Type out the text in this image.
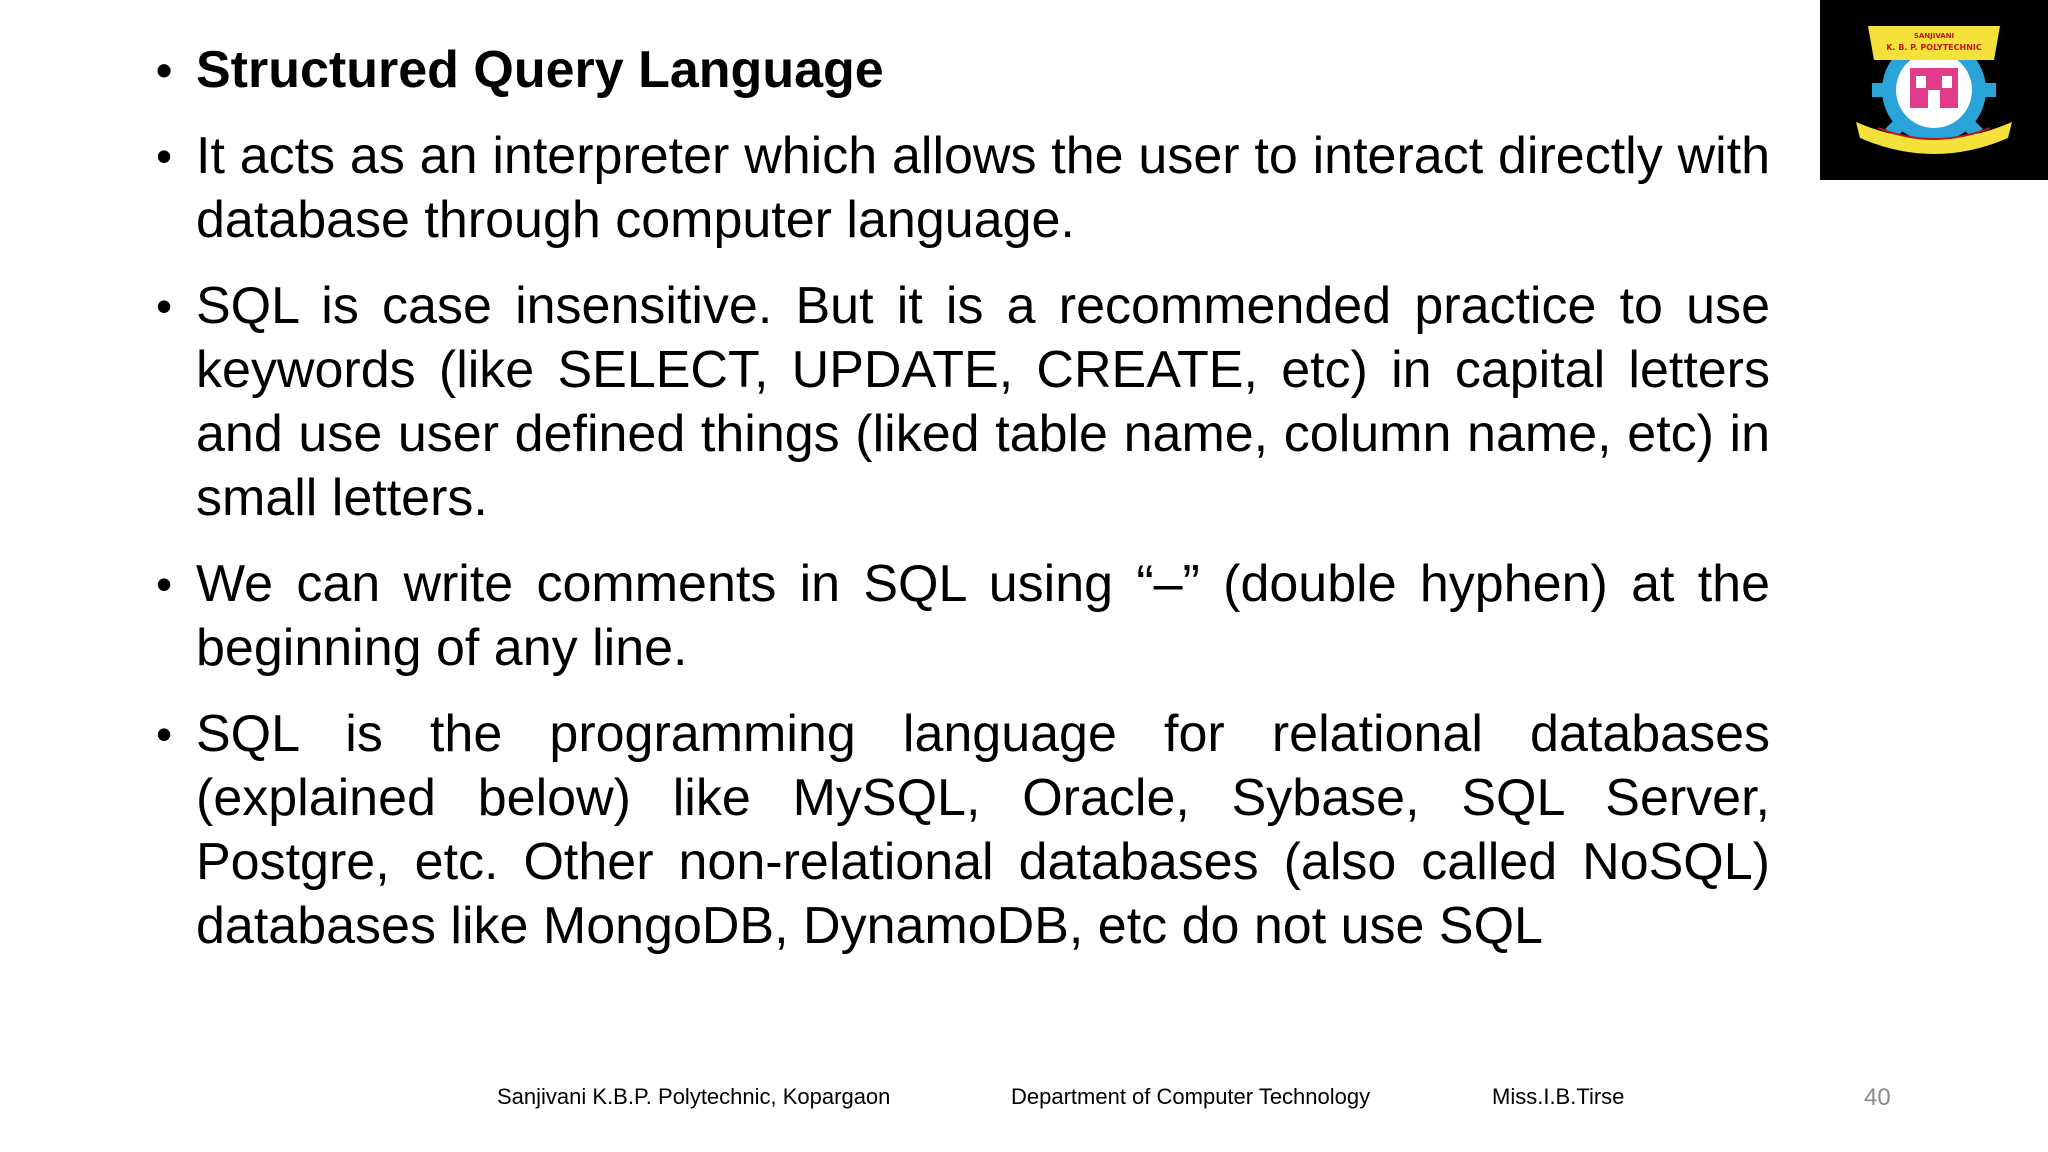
SANJIVANI
K. B. P. POLYTECHNIC
• Structured Query Language
• It acts as an interpreter which allows the user to interact directly with database through computer language.
• SQL is case insensitive. But it is a recommended practice to use keywords (like SELECT, UPDATE, CREATE, etc) in capital letters and use user defined things (liked table name, column name, etc) in small letters.
• We can write comments in SQL using “–” (double hyphen) at the beginning of any line.
• SQL is the programming language for relational databases (explained below) like MySQL, Oracle, Sybase, SQL Server, Postgre, etc. Other non-relational databases (also called NoSQL) databases like MongoDB, DynamoDB, etc do not use SQL
Sanjivani K.B.P. Polytechnic, Kopargaon	Department of Computer Technology	Miss.I.B.Tirse	40
